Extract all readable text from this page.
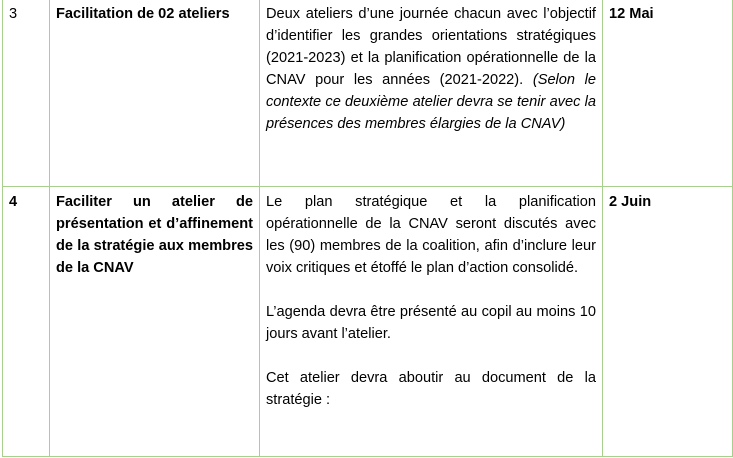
3	Facilitation de 02 ateliers	Deux ateliers d’une journée chacun avec l’objectif d’identifier les grandes orientations stratégiques (2021-2023) et la planification opérationnelle de la CNAV pour les années (2021-2022). (Selon le contexte ce deuxième atelier devra se tenir avec la présences des membres élargies de la CNAV)	12 Mai
4	Faciliter un atelier de présentation et d’affinement de la stratégie aux membres de la CNAV	Le plan stratégique et la planification opérationnelle de la CNAV seront discutés avec les (90) membres de la coalition, afin d’inclure leur voix critiques et étoffé le plan d’action consolidé.

L’agenda devra être présenté au copil au moins 10 jours avant l’atelier.

Cet atelier devra aboutir au document de la stratégie :	2 Juin
